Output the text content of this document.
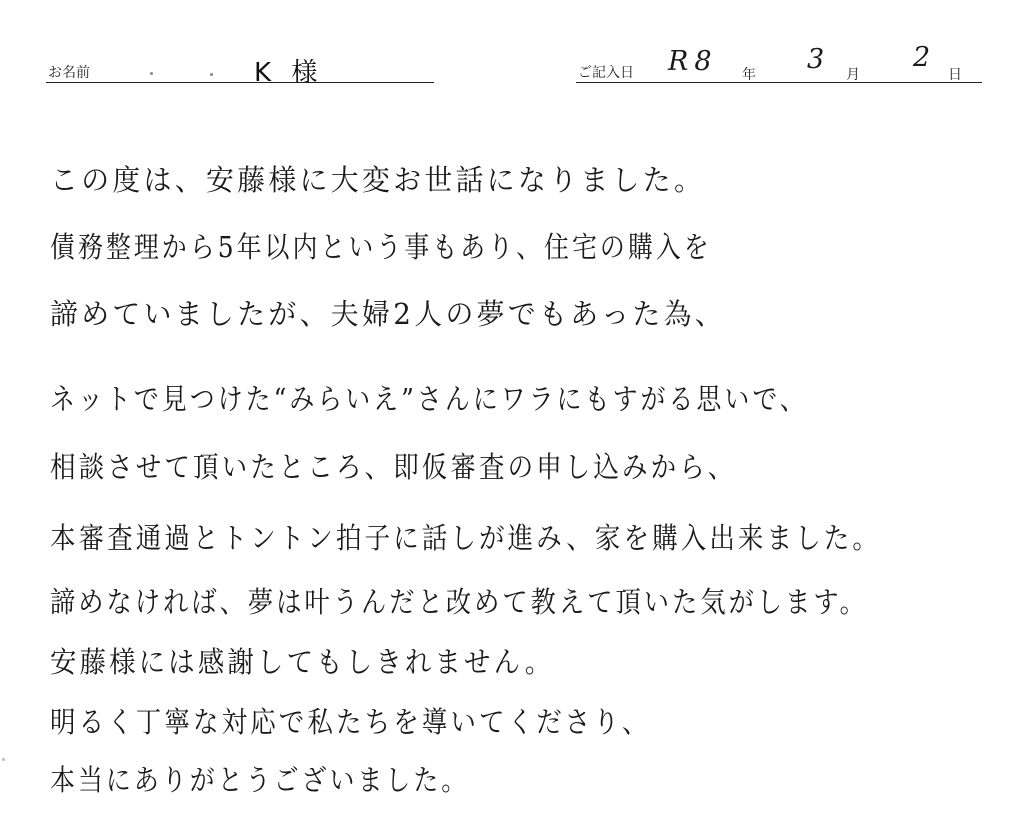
お名前	K 様	ご記入日 R8 年 3 月
2
日
この度は、安藤様に大変お世話になりました。
債務整理から5年以内という事もあり、住宅の購入を
諦めていましたが、夫婦2人の夢でもあった為、
ネットで見つけた“みらいえ”さんにワラにもすがる思いで、
相談させて頂いたところ、即仮審査の申し込みから、
本審査通過とトントン拍子に話しが進み、家を購入出来ました。
諦めなければ、夢は叶うんだと改めて教えて頂いた気がします。
安藤様には感謝してもしきれません。
明るく丁寧な対応で私たちを導いてくださり、
本当にありがとうございました。
